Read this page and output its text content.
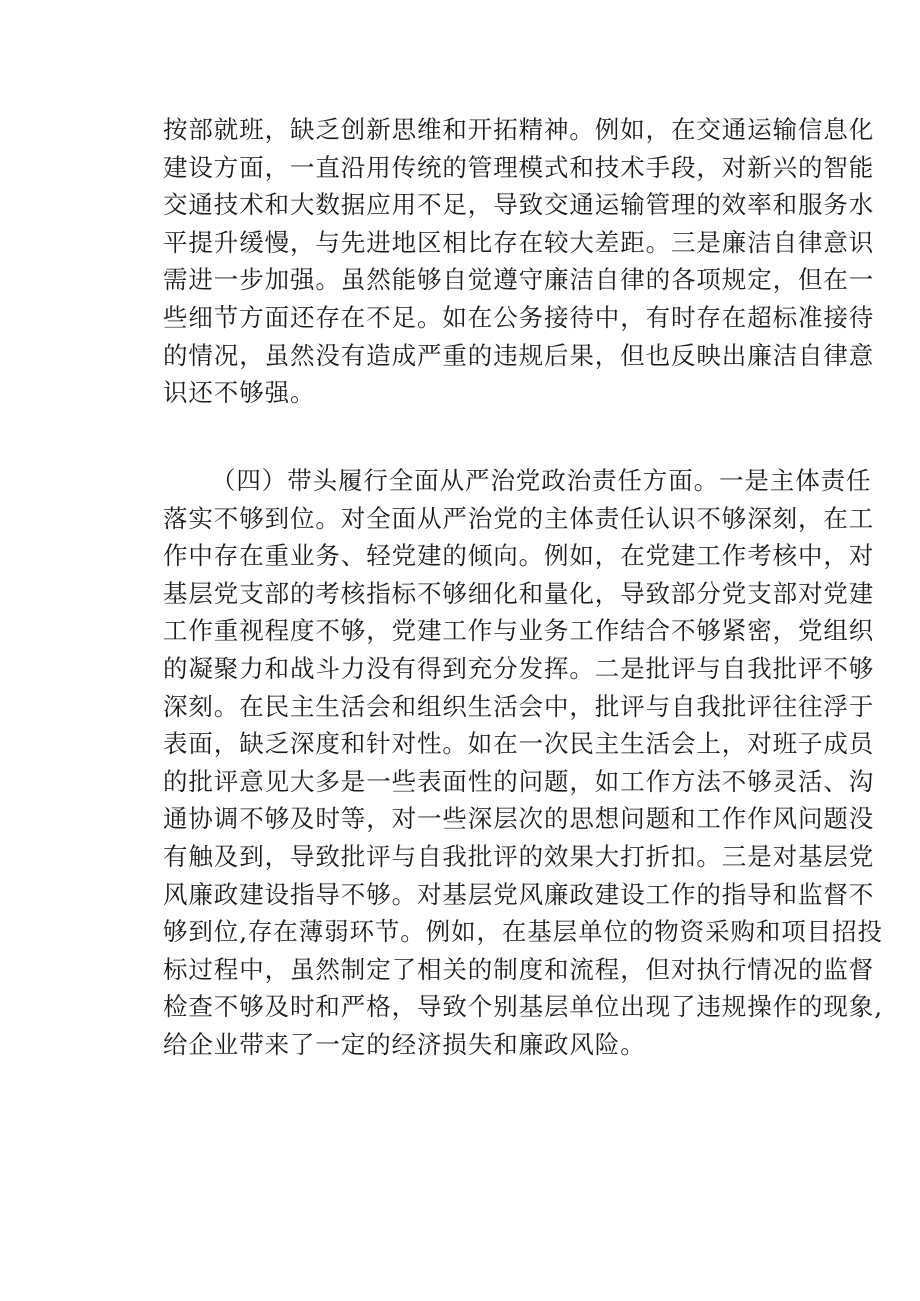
按部就班，缺乏创新思维和开拓精神。例如，在交通运输信息化
建设方面，一直沿用传统的管理模式和技术手段，对新兴的智能
交通技术和大数据应用不足，导致交通运输管理的效率和服务水
平提升缓慢，与先进地区相比存在较大差距。三是廉洁自律意识
需进一步加强。虽然能够自觉遵守廉洁自律的各项规定，但在一
些细节方面还存在不足。如在公务接待中，有时存在超标准接待
的情况，虽然没有造成严重的违规后果，但也反映出廉洁自律意
识还不够强。
（四）带头履行全面从严治党政治责任方面。一是主体责任
落实不够到位。对全面从严治党的主体责任认识不够深刻，在工
作中存在重业务、轻党建的倾向。例如，在党建工作考核中，对
基层党支部的考核指标不够细化和量化，导致部分党支部对党建
工作重视程度不够，党建工作与业务工作结合不够紧密，党组织
的凝聚力和战斗力没有得到充分发挥。二是批评与自我批评不够
深刻。在民主生活会和组织生活会中，批评与自我批评往往浮于
表面，缺乏深度和针对性。如在一次民主生活会上，对班子成员
的批评意见大多是一些表面性的问题，如工作方法不够灵活、沟
通协调不够及时等，对一些深层次的思想问题和工作作风问题没
有触及到，导致批评与自我批评的效果大打折扣。三是对基层党
风廉政建设指导不够。对基层党风廉政建设工作的指导和监督不
够到位,存在薄弱环节。例如，在基层单位的物资采购和项目招投
标过程中，虽然制定了相关的制度和流程，但对执行情况的监督
检查不够及时和严格，导致个别基层单位出现了违规操作的现象,
给企业带来了一定的经济损失和廉政风险。
